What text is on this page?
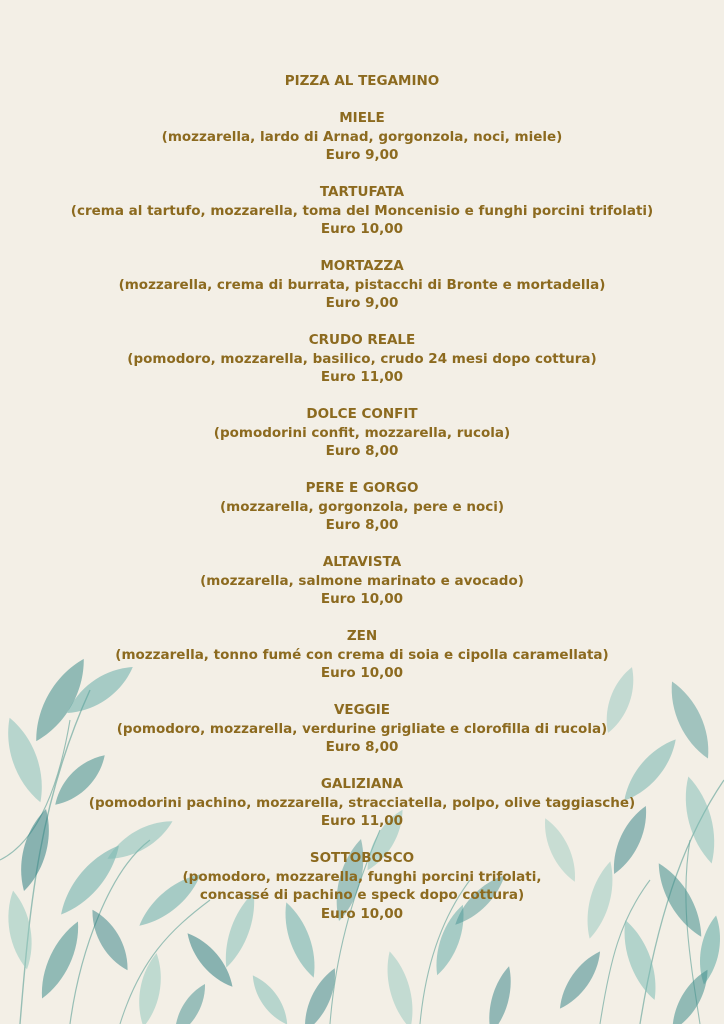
PIZZA AL TEGAMINO
MIELE
(mozzarella, lardo di Arnad, gorgonzola, noci, miele)
Euro 9,00
TARTUFATA
(crema al tartufo, mozzarella, toma del Moncenisio e funghi porcini trifolati)
Euro 10,00
MORTAZZA
(mozzarella, crema di burrata, pistacchi di Bronte e mortadella)
Euro 9,00
CRUDO REALE
(pomodoro, mozzarella, basilico, crudo 24 mesi dopo cottura)
Euro 11,00
DOLCE CONFIT
(pomodorini confit, mozzarella, rucola)
Euro 8,00
PERE E GORGO
(mozzarella, gorgonzola, pere e noci)
Euro 8,00
ALTAVISTA
(mozzarella, salmone marinato e avocado)
Euro 10,00
ZEN
(mozzarella, tonno fumé con crema di soia e cipolla caramellata)
Euro 10,00
VEGGIE
(pomodoro, mozzarella, verdurine grigliate e clorofilla di rucola)
Euro 8,00
GALIZIANA
(pomodorini pachino, mozzarella, stracciatella, polpo, olive taggiasche)
Euro 11,00
SOTTOBOSCO
(pomodoro, mozzarella, funghi porcini trifolati,
concassé di pachino e speck dopo cottura)
Euro 10,00
